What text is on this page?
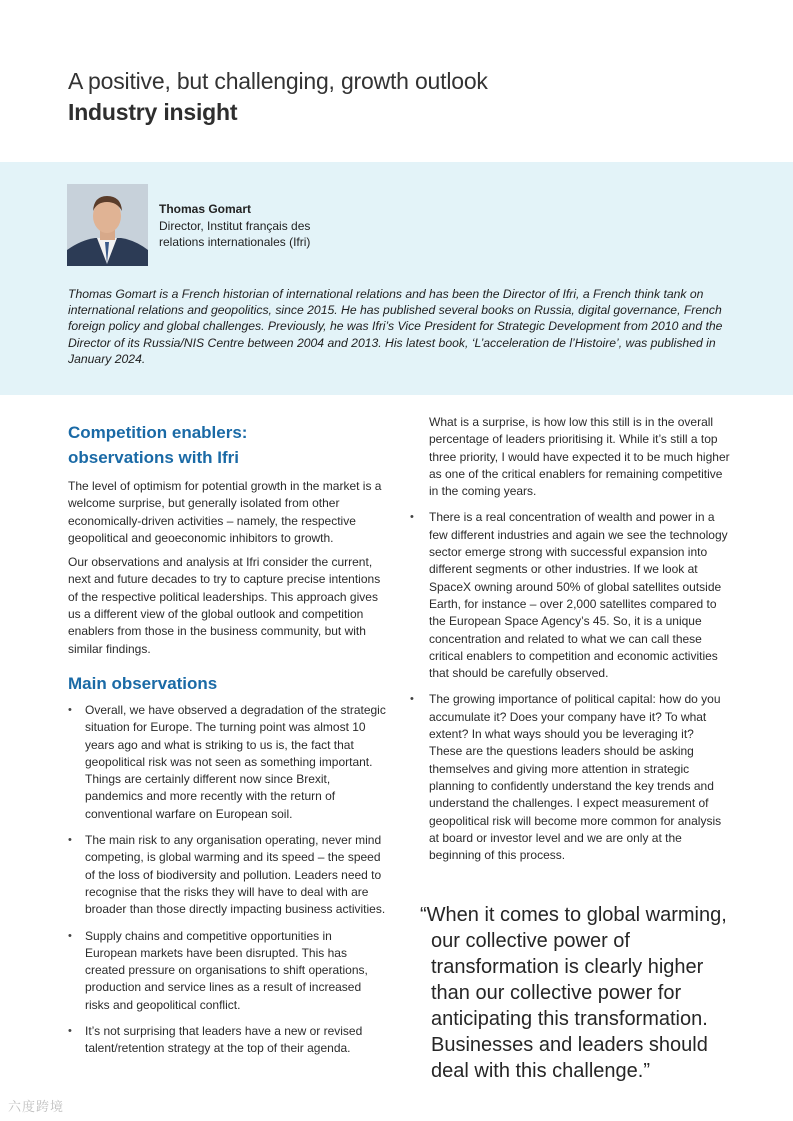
A positive, but challenging, growth outlook
Industry insight
Thomas Gomart
Director, Institut français des relations internationales (Ifri)

Thomas Gomart is a French historian of international relations and has been the Director of Ifri, a French think tank on international relations and geopolitics, since 2015. He has published several books on Russia, digital governance, French foreign policy and global challenges. Previously, he was Ifri’s Vice President for Strategic Development from 2010 and the Director of its Russia/NIS Centre between 2004 and 2013. His latest book, ‘L’acceleration de l’Histoire’, was published in January 2024.

Competition enablers:
observations with Ifri

The level of optimism for potential growth in the market is a welcome surprise, but generally isolated from other economically-driven activities – namely, the respective geopolitical and geoeconomic inhibitors to growth.

Our observations and analysis at Ifri consider the current, next and future decades to try to capture precise intentions of the respective political leaderships. This approach gives us a different view of the global outlook and competition enablers from those in the business community, but with similar findings.

Main observations
• Overall, we have observed a degradation of the strategic situation for Europe. The turning point was almost 10 years ago and what is striking to us is, the fact that geopolitical risk was not seen as something important. Things are certainly different now since Brexit, pandemics and more recently with the return of conventional warfare on European soil.
• The main risk to any organisation operating, never mind competing, is global warming and its speed – the speed of the loss of biodiversity and pollution. Leaders need to recognise that the risks they will have to deal with are broader than those directly impacting business activities.
• Supply chains and competitive opportunities in European markets have been disrupted. This has created pressure on organisations to shift operations, production and service lines as a result of increased risks and geopolitical conflict.
• It’s not surprising that leaders have a new or revised talent/retention strategy at the top of their agenda.

What is a surprise, is how low this still is in the overall percentage of leaders prioritising it. While it’s still a top three priority, I would have expected it to be much higher as one of the critical enablers for remaining competitive in the coming years.

• There is a real concentration of wealth and power in a few different industries and again we see the technology sector emerge strong with successful expansion into different segments or other industries. If we look at SpaceX owning around 50% of global satellites outside Earth, for instance – over 2,000 satellites compared to the European Space Agency’s 45. So, it is a unique concentration and related to what we can call these critical enablers to competition and economic activities that should be carefully observed.
• The growing importance of political capital: how do you accumulate it? Does your company have it? To what extent? In what ways should you be leveraging it? These are the questions leaders should be asking themselves and giving more attention in strategic planning to confidently understand the key trends and understand the challenges. I expect measurement of geopolitical risk will become more common for analysis at board or investor level and we are only at the beginning of this process.
“When it comes to global warming, our collective power of transformation is clearly higher than our collective power for anticipating this transformation. Businesses and leaders should deal with this challenge.”
六度跨境
